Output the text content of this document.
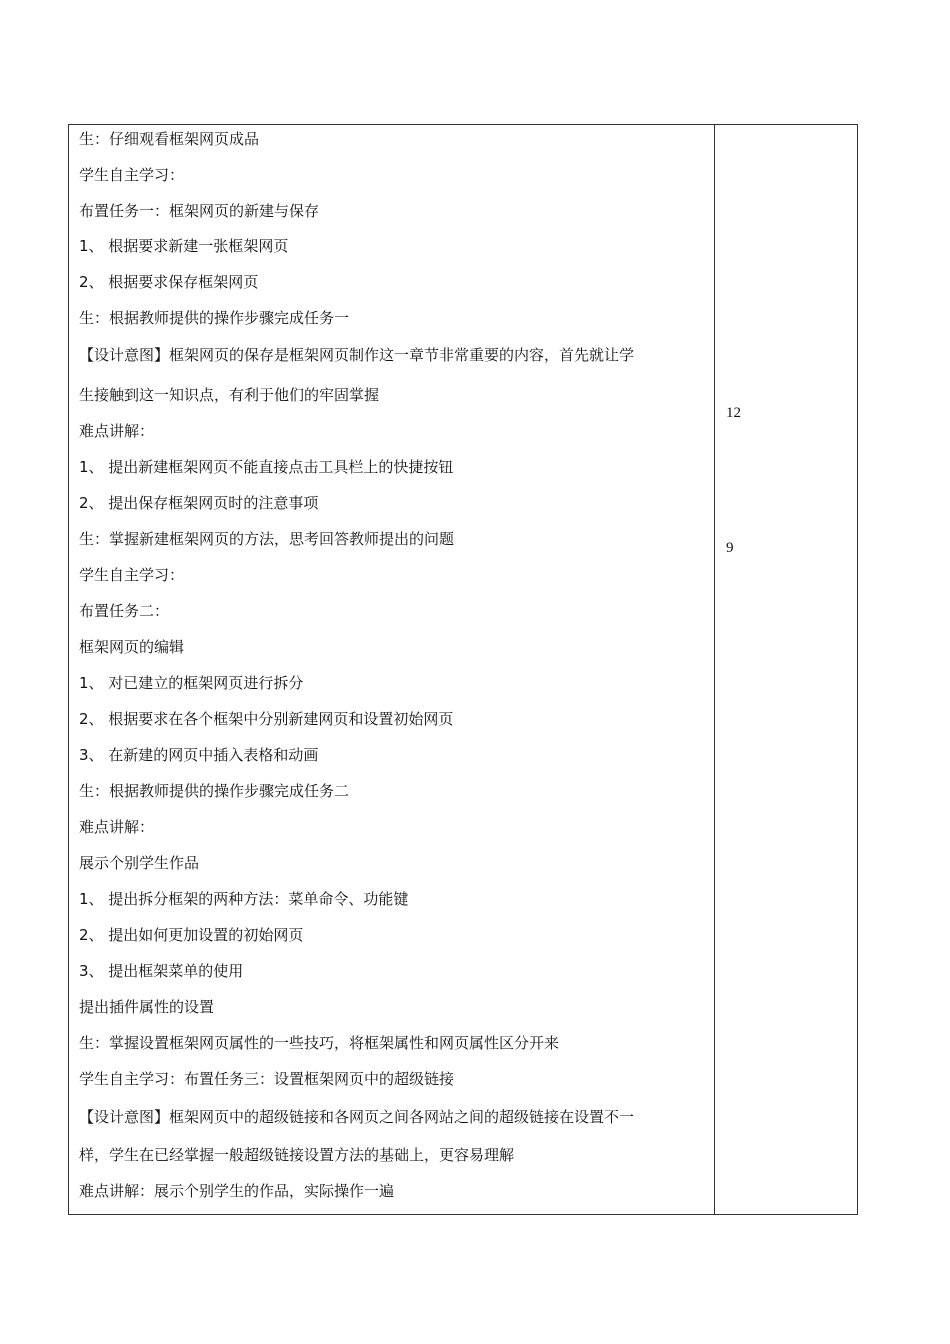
生：仔细观看框架网页成品
学生自主学习：
布置任务一：框架网页的新建与保存
1、 根据要求新建一张框架网页
2、 根据要求保存框架网页
生：根据教师提供的操作步骤完成任务一
【设计意图】框架网页的保存是框架网页制作这一章节非常重要的内容，首先就让学
生接触到这一知识点，有利于他们的牢固掌握
难点讲解：
1、 提出新建框架网页不能直接点击工具栏上的快捷按钮
2、 提出保存框架网页时的注意事项
生：掌握新建框架网页的方法，思考回答教师提出的问题
学生自主学习：
布置任务二：
框架网页的编辑
1、 对已建立的框架网页进行拆分
2、 根据要求在各个框架中分别新建网页和设置初始网页
3、 在新建的网页中插入表格和动画
生：根据教师提供的操作步骤完成任务二
难点讲解：
展示个别学生作品
1、 提出拆分框架的两种方法：菜单命令、功能键
2、 提出如何更加设置的初始网页
3、 提出框架菜单的使用
提出插件属性的设置
生：掌握设置框架网页属性的一些技巧，将框架属性和网页属性区分开来
学生自主学习：布置任务三：设置框架网页中的超级链接
【设计意图】框架网页中的超级链接和各网页之间各网站之间的超级链接在设置不一
样，学生在已经掌握一般超级链接设置方法的基础上，更容易理解
难点讲解：展示个别学生的作品，实际操作一遍
12
9
